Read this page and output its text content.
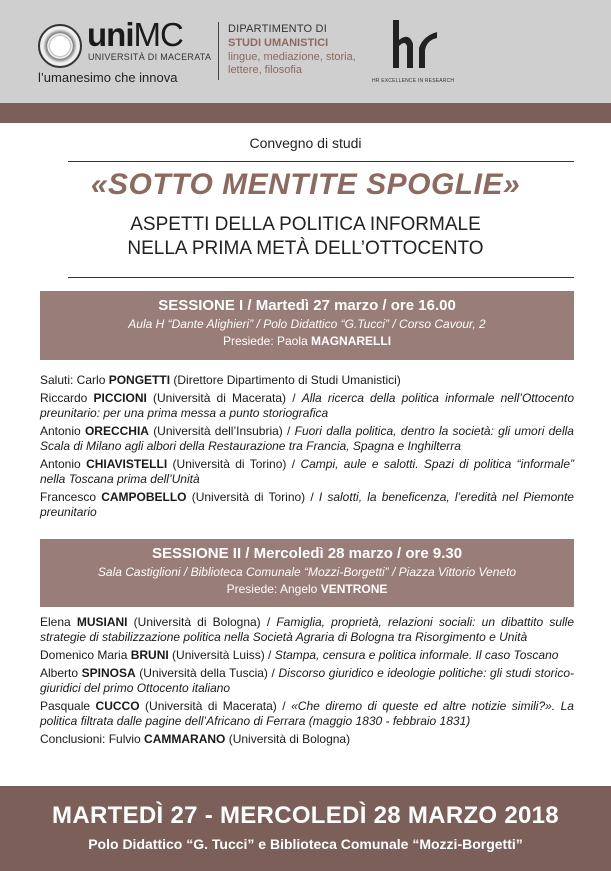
uniMC
UNIVERSITÀ DI MACERATA
l’umanesimo che innova
DIPARTIMENTO DI
STUDI UMANISTICI
lingue, mediazione, storia, lettere, filosofia
HR EXCELLENCE IN RESEARCH
Convegno di studi
«SOTTO MENTITE SPOGLIE»
ASPETTI DELLA POLITICA INFORMALE
NELLA PRIMA METÀ DELL’OTTOCENTO
SESSIONE I / Martedì 27 marzo / ore 16.00
Aula H “Dante Alighieri” / Polo Didattico “G.Tucci” / Corso Cavour, 2
Presiede: Paola MAGNARELLI
Saluti: Carlo PONGETTI (Direttore Dipartimento di Studi Umanistici)
Riccardo PICCIONI (Università di Macerata) / Alla ricerca della politica informale nell’Ottocento preunitario: per una prima messa a punto storiografica
Antonio ORECCHIA (Università dell’Insubria) / Fuori dalla politica, dentro la società: gli umori della Scala di Milano agli albori della Restaurazione tra Francia, Spagna e Inghilterra
Antonio CHIAVISTELLI (Università di Torino) / Campi, aule e salotti. Spazi di politica “informale” nella Toscana prima dell’Unità
Francesco CAMPOBELLO (Università di Torino) / I salotti, la beneficenza, l’eredità nel Piemonte preunitario
SESSIONE II / Mercoledì 28 marzo / ore 9.30
Sala Castiglioni / Biblioteca Comunale “Mozzi-Borgetti” / Piazza Vittorio Veneto
Presiede: Angelo VENTRONE
Elena MUSIANI (Università di Bologna) / Famiglia, proprietà, relazioni sociali: un dibattito sulle strategie di stabilizzazione politica nella Società Agraria di Bologna tra Risorgimento e Unità
Domenico Maria BRUNI (Università Luiss) / Stampa, censura e politica informale. Il caso Toscano
Alberto SPINOSA (Università della Tuscia) / Discorso giuridico e ideologie politiche: gli studi storico-giuridici del primo Ottocento italiano
Pasquale CUCCO (Università di Macerata) / «Che diremo di queste ed altre notizie simili?». La politica filtrata dalle pagine dell’Africano di Ferrara (maggio 1830 - febbraio 1831)
Conclusioni: Fulvio CAMMARANO (Università di Bologna)
MARTEDÌ 27 - MERCOLEDÌ 28 MARZO 2018
Polo Didattico “G. Tucci” e Biblioteca Comunale “Mozzi-Borgetti”
